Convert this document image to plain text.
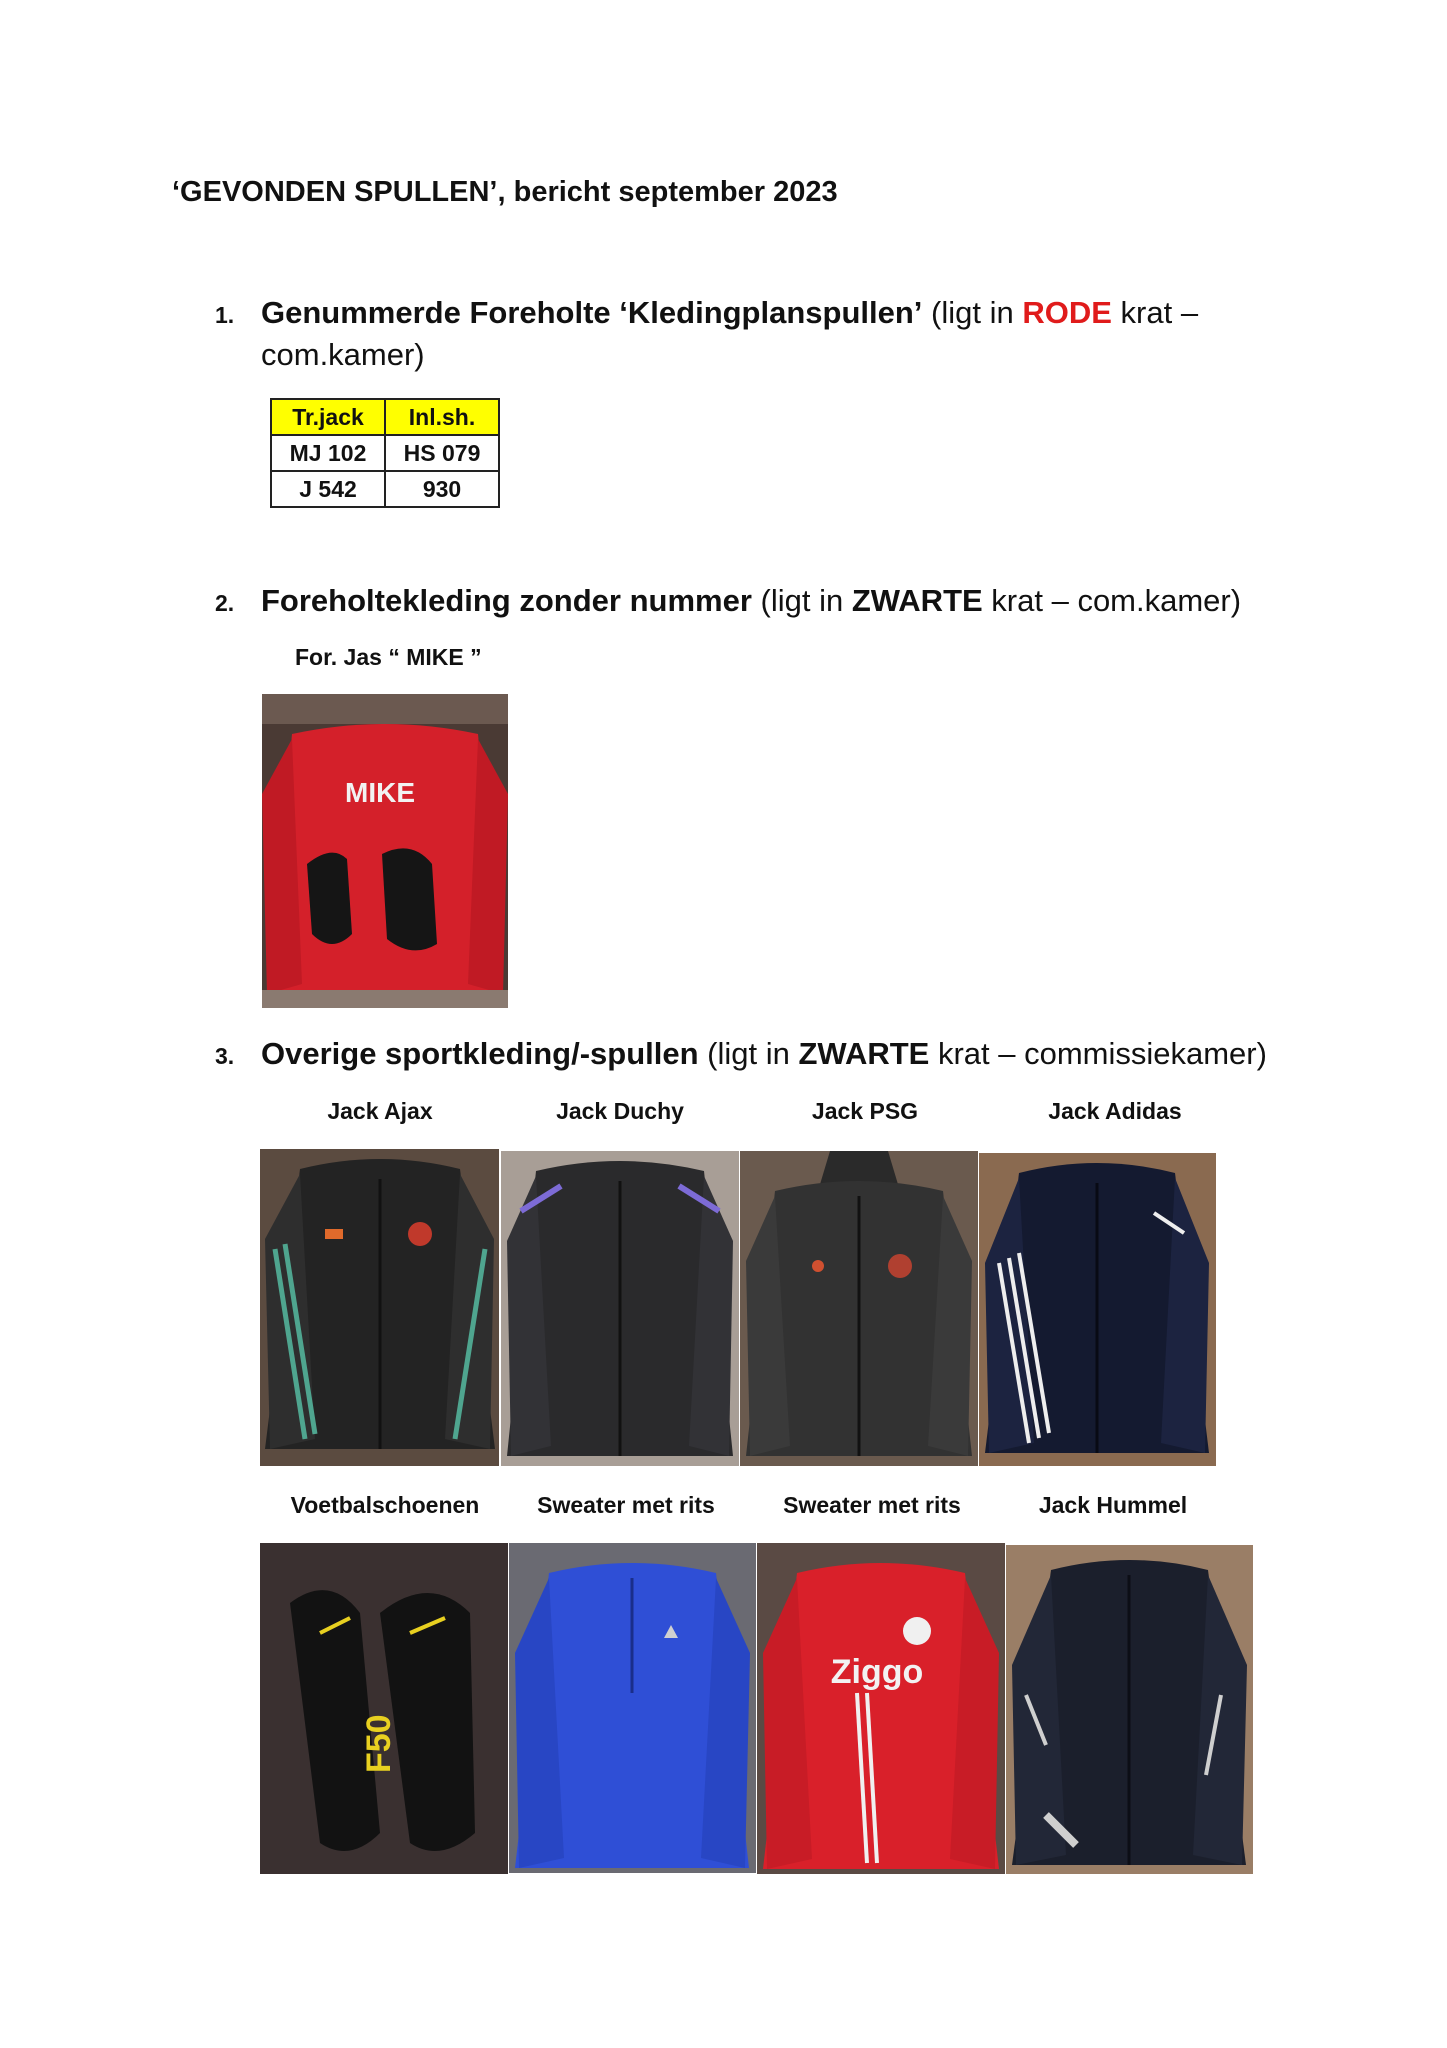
‘GEVONDEN SPULLEN’, bericht september 2023
1. Genummerde Foreholte ‘Kledingplanspullen’ (ligt in RODE krat –
com.kamer)
Tr.jack	Inl.sh.
MJ 102	HS 079
J 542	930
2. Foreholtekleding zonder nummer (ligt in ZWARTE krat – com.kamer)
For. Jas “ MIKE ”
MIKE
3. Overige sportkleding/-spullen (ligt in ZWARTE krat – commissiekamer)
Jack Ajax	Jack Duchy	Jack PSG	Jack Adidas
Voetbalschoenen	Sweater met rits	Sweater met rits	Jack Hummel
F50
Ziggo
